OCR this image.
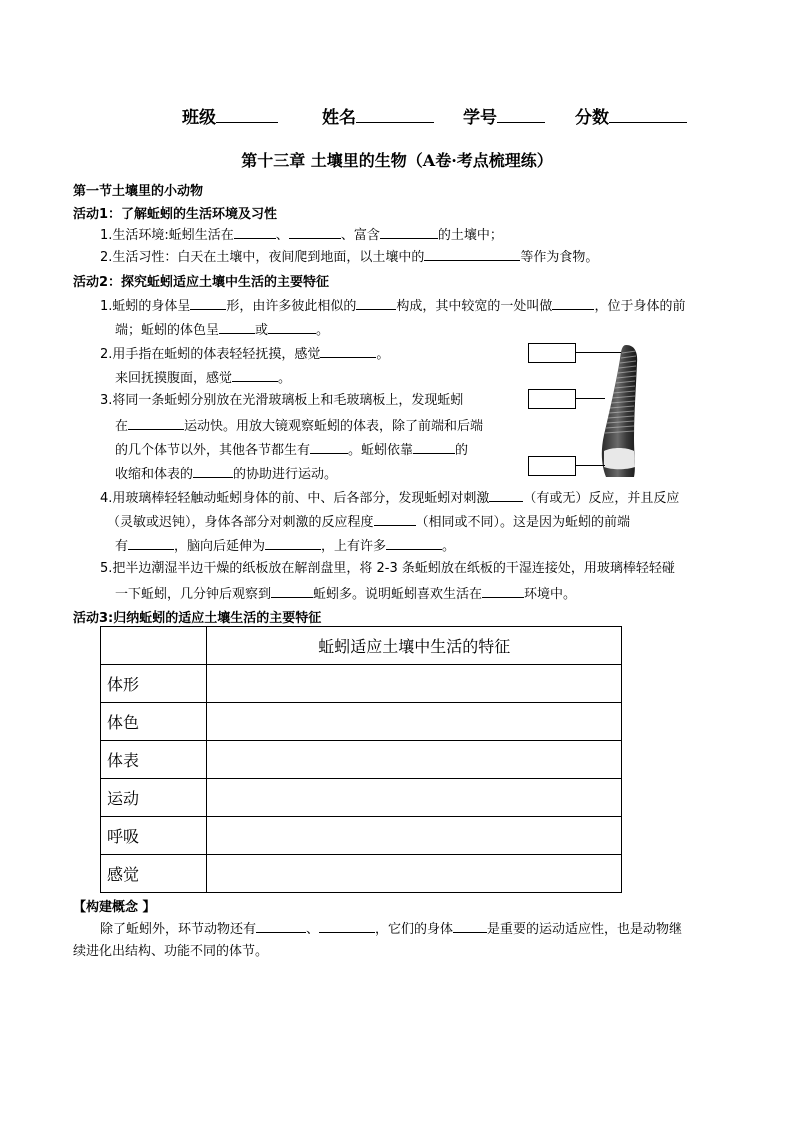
班级	姓名	学号	分数
第十三章 土壤里的生物（A卷·考点梳理练）
第一节土壤里的小动物
活动1：了解蚯蚓的生活环境及习性
1.生活环境:蚯蚓生活在	、	、富含	的土壤中；
2.生活习性：白天在土壤中，夜间爬到地面，以土壤中的	等作为食物。
活动2：探究蚯蚓适应土壤中生活的主要特征
1.蚯蚓的身体呈	形，由许多彼此相似的	构成，其中较宽的一处叫做	，位于身体的前
端；蚯蚓的体色呈	或	。
2.用手指在蚯蚓的体表轻轻抚摸，感觉	。
来回抚摸腹面，感觉	。
3.将同一条蚯蚓分别放在光滑玻璃板上和毛玻璃板上，发现蚯蚓
在	运动快。用放大镜观察蚯蚓的体表，除了前端和后端
的几个体节以外，其他各节都生有	。蚯蚓依靠	的
收缩和体表的	的协助进行运动。
4.用玻璃棒轻轻触动蚯蚓身体的前、中、后各部分，发现蚯蚓对刺激	（有或无）反应，并且反应
（灵敏或迟钝），身体各部分对刺激的反应程度	（相同或不同）。这是因为蚯蚓的前端
有	，脑向后延伸为	，上有许多	。
5.把半边潮湿半边干燥的纸板放在解剖盘里，将 2-3 条蚯蚓放在纸板的干湿连接处，用玻璃棒轻轻碰
一下蚯蚓，几分钟后观察到	蚯蚓多。说明蚯蚓喜欢生活在	环境中。
活动3:归纳蚯蚓的适应土壤生活的主要特征
	蚯蚓适应土壤中生活的特征
体形	
体色	
体表	
运动	
呼吸	
感觉	
【构建概念 】
除了蚯蚓外，环节动物还有	、	，它们的身体	是重要的运动适应性，也是动物继
续进化出结构、功能不同的体节。
